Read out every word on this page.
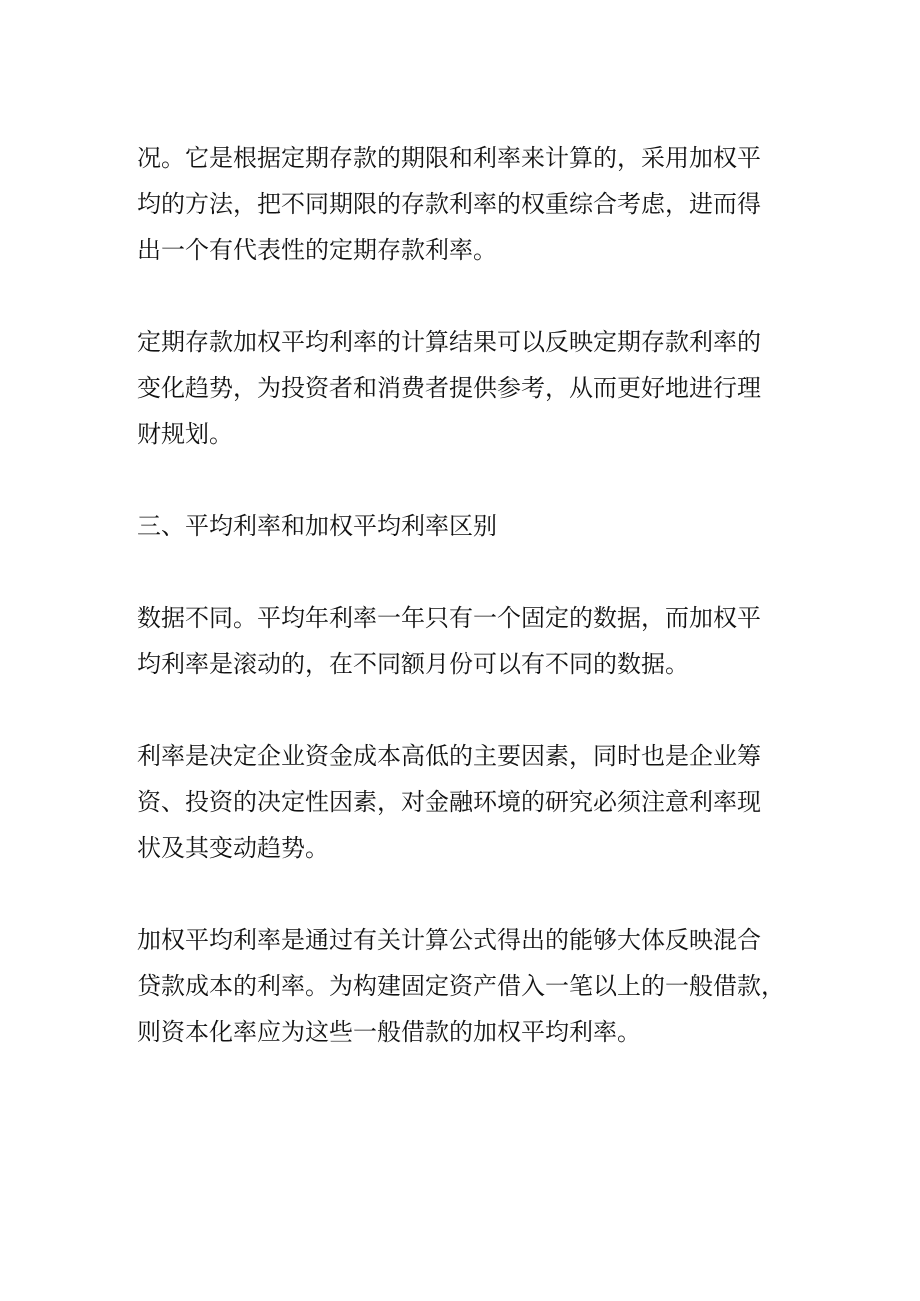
况。它是根据定期存款的期限和利率来计算的，采用加权平
均的方法，把不同期限的存款利率的权重综合考虑，进而得
出一个有代表性的定期存款利率。

定期存款加权平均利率的计算结果可以反映定期存款利率的
变化趋势，为投资者和消费者提供参考，从而更好地进行理
财规划。

三、平均利率和加权平均利率区别

数据不同。平均年利率一年只有一个固定的数据，而加权平
均利率是滚动的，在不同额月份可以有不同的数据。

利率是决定企业资金成本高低的主要因素，同时也是企业筹
资、投资的决定性因素，对金融环境的研究必须注意利率现
状及其变动趋势。

加权平均利率是通过有关计算公式得出的能够大体反映混合
贷款成本的利率。为构建固定资产借入一笔以上的一般借款，
则资本化率应为这些一般借款的加权平均利率。
